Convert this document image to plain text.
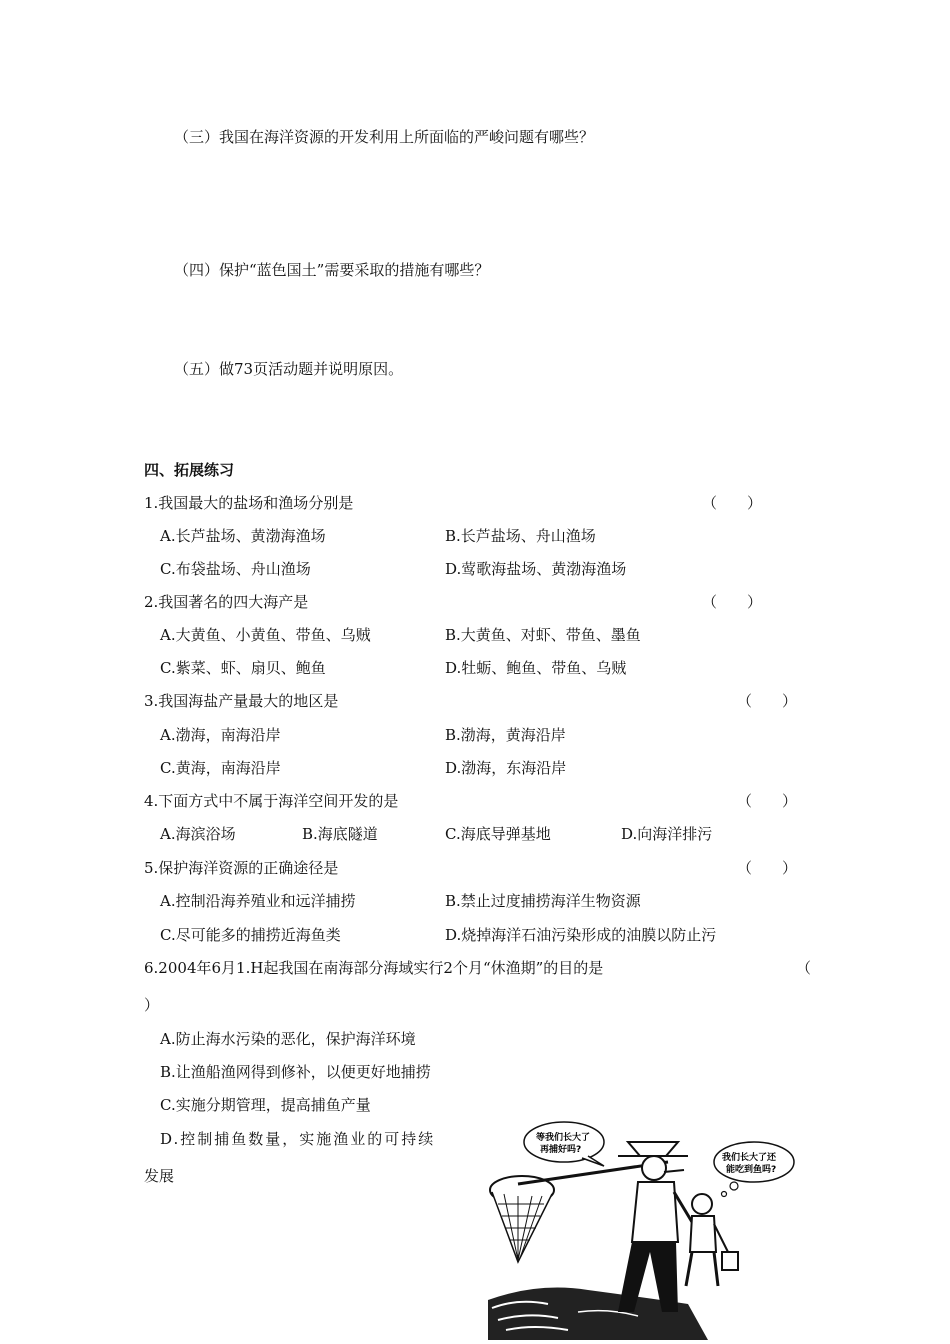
（三）我国在海洋资源的开发利用上所面临的严峻问题有哪些？
（四）保护“蓝色国土”需要采取的措施有哪些？
（五）做73页活动题并说明原因。
四、拓展练习
1.我国最大的盐场和渔场分别是	（　　）
A.长芦盐场、黄渤海渔场	B.长芦盐场、舟山渔场
C.布袋盐场、舟山渔场	D.莺歌海盐场、黄渤海渔场
2.我国著名的四大海产是	（　　）
A.大黄鱼、小黄鱼、带鱼、乌贼	B.大黄鱼、对虾、带鱼、墨鱼
C.紫菜、虾、扇贝、鲍鱼	D.牡蛎、鲍鱼、带鱼、乌贼
3.我国海盐产量最大的地区是	（　　）
A.渤海，南海沿岸	B.渤海，黄海沿岸
C.黄海，南海沿岸	D.渤海，东海沿岸
4.下面方式中不属于海洋空间开发的是	（　　）
A.海滨浴场	B.海底隧道	C.海底导弹基地	D.向海洋排污
5.保护海洋资源的正确途径是	（　　）
A.控制沿海养殖业和远洋捕捞	B.禁止过度捕捞海洋生物资源
C.尽可能多的捕捞近海鱼类	D.烧掉海洋石油污染形成的油膜以防止污
6.2004年6月1.H起我国在南海部分海域实行2个月“休渔期”的目的是	（
）
A.防止海水污染的恶化，保护海洋环境
B.让渔船渔网得到修补，以便更好地捕捞
C.实施分期管理，提高捕鱼产量
D.控制捕鱼数量，实施渔业的可持续
发展
等我们长大了
再捕好吗?
我们长大了还
能吃到鱼吗?
